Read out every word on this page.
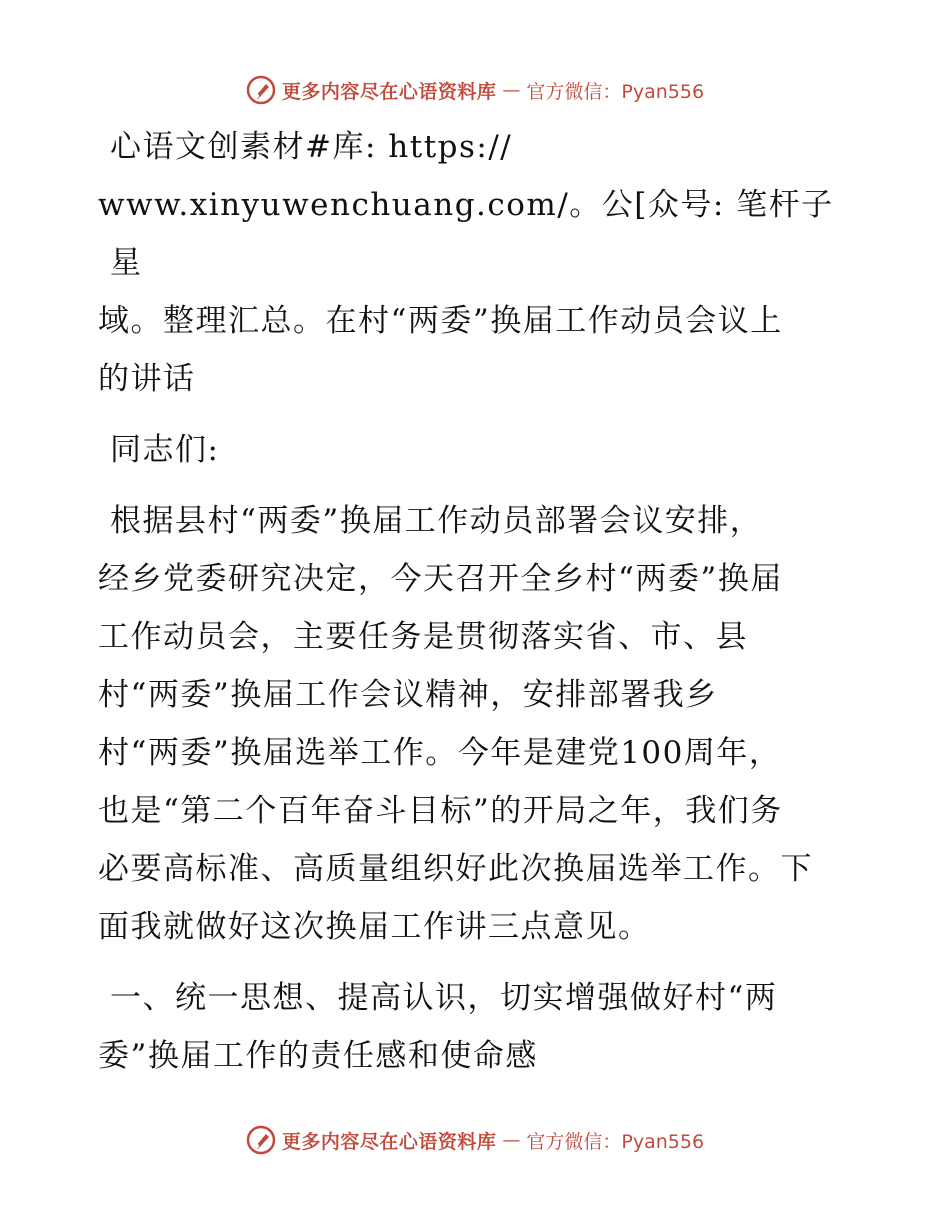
更多内容尽在心语资料库 — 官方微信：Pyan556
心语文创素材#库: https://
www.xinyuwenchuang.com/。公[众号: 笔杆子星
域。整理汇总。在村“两委”换届工作动员会议上
的讲话
同志们:
根据县村“两委”换届工作动员部署会议安排，
经乡党委研究决定，今天召开全乡村“两委”换届
工作动员会，主要任务是贯彻落实省、市、县
村“两委”换届工作会议精神，安排部署我乡
村“两委”换届选举工作。今年是建党100周年，
也是“第二个百年奋斗目标”的开局之年，我们务
必要高标准、高质量组织好此次换届选举工作。下
面我就做好这次换届工作讲三点意见。
一、统一思想、提高认识，切实增强做好村“两
委”换届工作的责任感和使命感
更多内容尽在心语资料库 — 官方微信：Pyan556
